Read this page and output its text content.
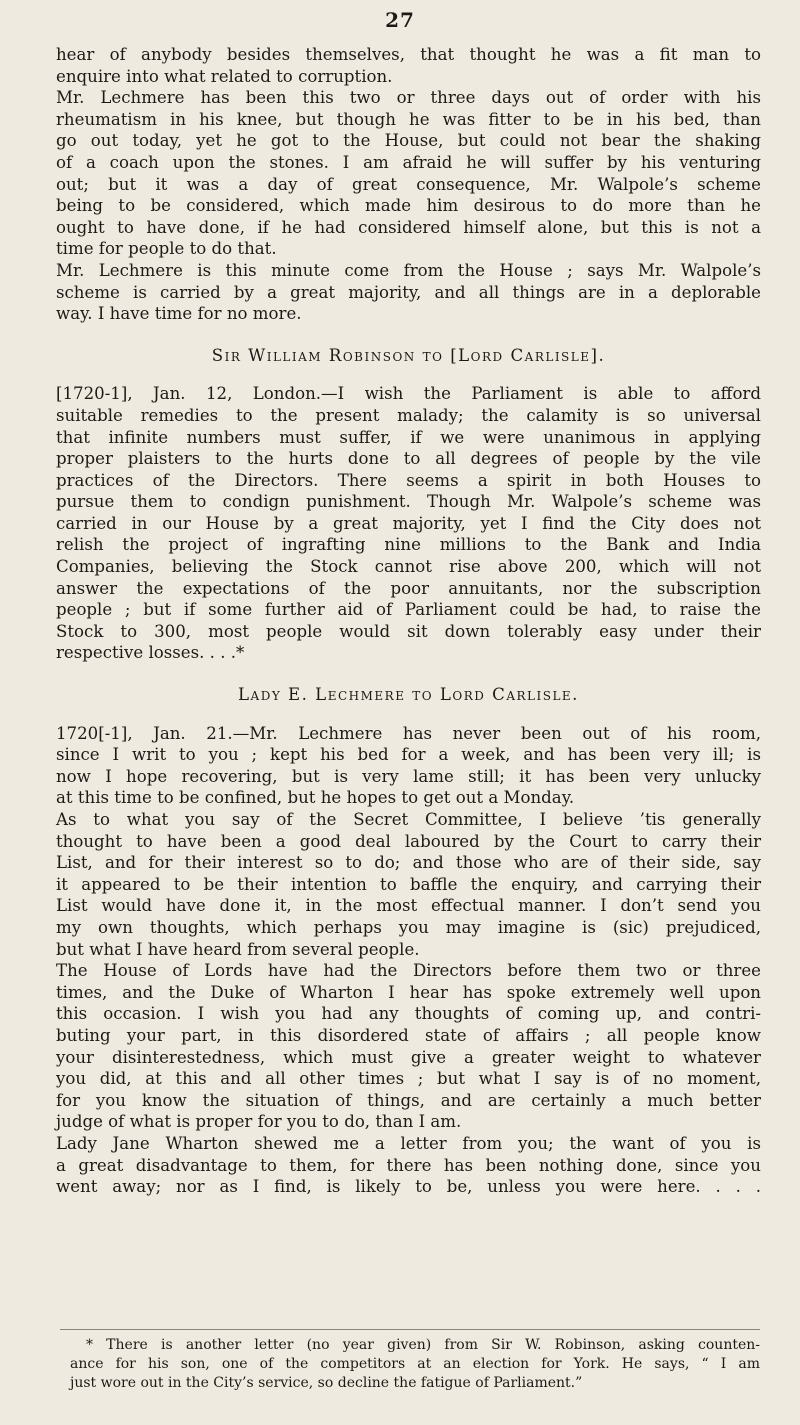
27
hear of anybody besides themselves, that thought he was a fit man to
enquire into what related to corruption.
Mr. Lechmere has been this two or three days out of order with his
rheumatism in his knee, but though he was fitter to be in his bed, than
go out today, yet he got to the House, but could not bear the shaking
of a coach upon the stones. I am afraid he will suffer by his venturing
out; but it was a day of great consequence, Mr. Walpole’s scheme
being to be considered, which made him desirous to do more than he
ought to have done, if he had considered himself alone, but this is not a
time for people to do that.
Mr. Lechmere is this minute come from the House ; says Mr. Walpole’s
scheme is carried by a great majority, and all things are in a deplorable
way. I have time for no more.
Sir William Robinson to [Lord Carlisle].
[1720-1], Jan. 12, London.—I wish the Parliament is able to afford
suitable remedies to the present malady; the calamity is so universal
that infinite numbers must suffer, if we were unanimous in applying
proper plaisters to the hurts done to all degrees of people by the vile
practices of the Directors. There seems a spirit in both Houses to
pursue them to condign punishment. Though Mr. Walpole’s scheme was
carried in our House by a great majority, yet I find the City does not
relish the project of ingrafting nine millions to the Bank and India
Companies, believing the Stock cannot rise above 200, which will not
answer the expectations of the poor annuitants, nor the subscription
people ; but if some further aid of Parliament could be had, to raise the
Stock to 300, most people would sit down tolerably easy under their
respective losses. . . .*
Lady E. Lechmere to Lord Carlisle.
1720[-1], Jan. 21.—Mr. Lechmere has never been out of his room,
since I writ to you ; kept his bed for a week, and has been very ill; is
now I hope recovering, but is very lame still; it has been very unlucky
at this time to be confined, but he hopes to get out a Monday.
As to what you say of the Secret Committee, I believe ’tis generally
thought to have been a good deal laboured by the Court to carry their
List, and for their interest so to do; and those who are of their side, say
it appeared to be their intention to baffle the enquiry, and carrying their
List would have done it, in the most effectual manner. I don’t send you
my own thoughts, which perhaps you may imagine is (sic) prejudiced,
but what I have heard from several people.
The House of Lords have had the Directors before them two or three
times, and the Duke of Wharton I hear has spoke extremely well upon
this occasion. I wish you had any thoughts of coming up, and contri-
buting your part, in this disordered state of affairs ; all people know
your disinterestedness, which must give a greater weight to whatever
you did, at this and all other times ; but what I say is of no moment,
for you know the situation of things, and are certainly a much better
judge of what is proper for you to do, than I am.
Lady Jane Wharton shewed me a letter from you; the want of you is
a great disadvantage to them, for there has been nothing done, since you
went away; nor as I find, is likely to be, unless you were here. . . .
* There is another letter (no year given) from Sir W. Robinson, asking counten-
ance for his son, one of the competitors at an election for York. He says, “ I am
just wore out in the City’s service, so decline the fatigue of Parliament.”
